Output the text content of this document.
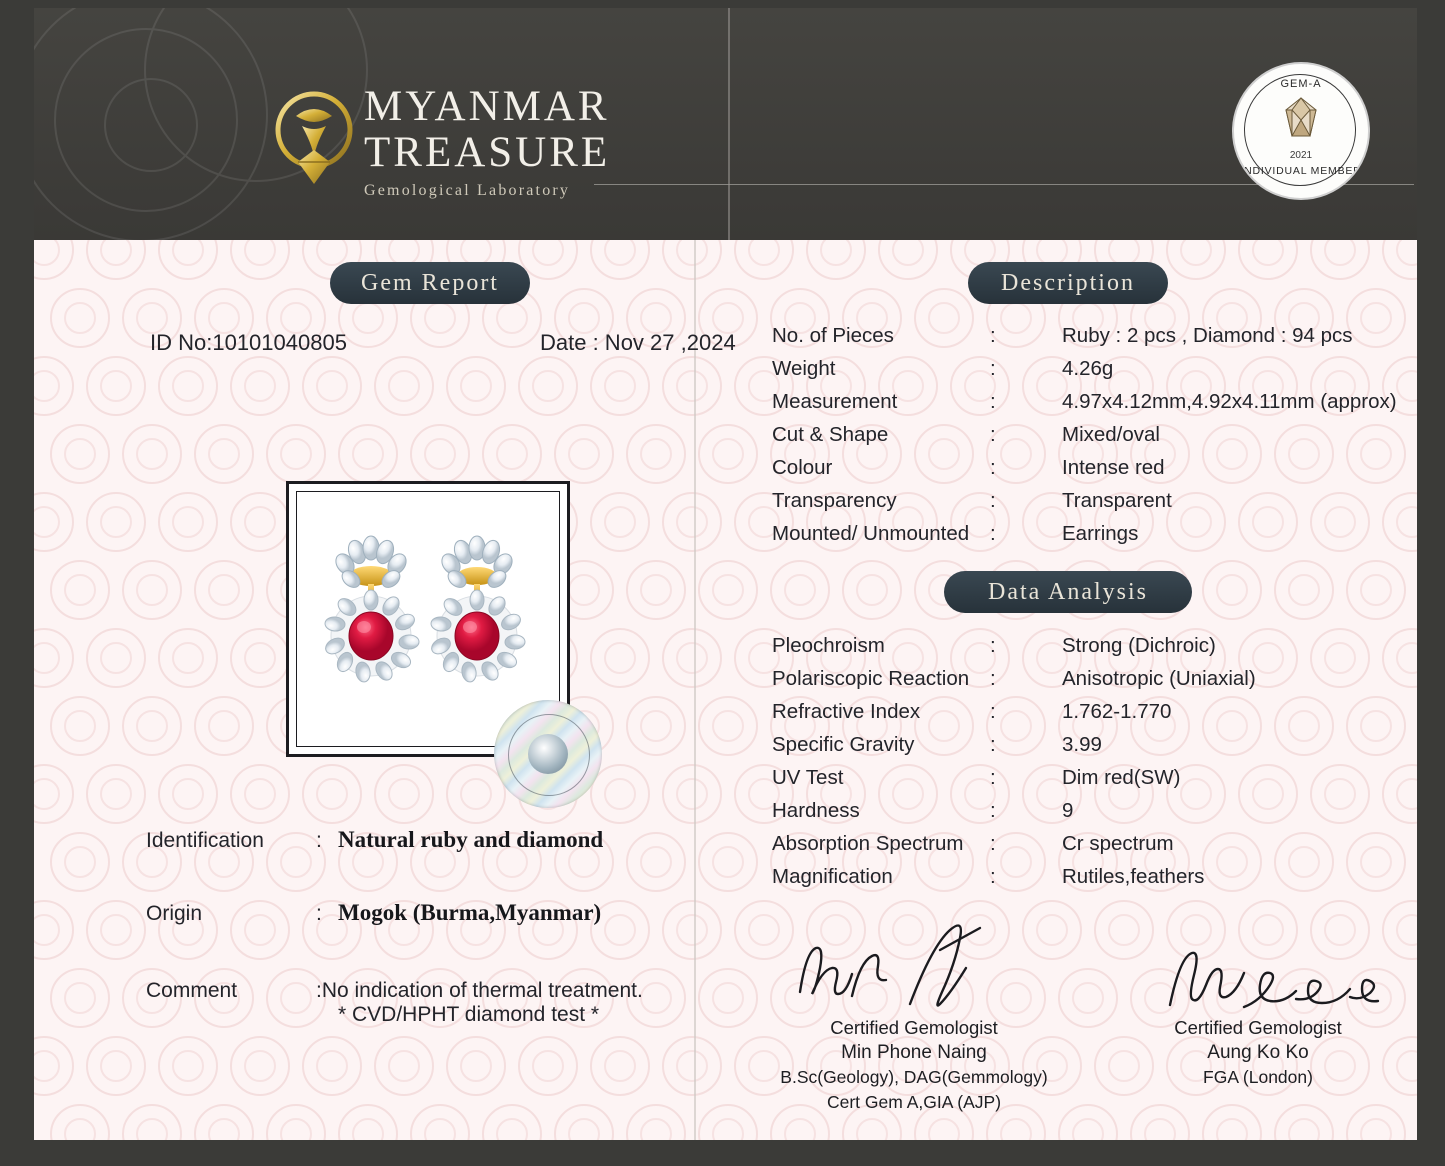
MYANMAR
TREASURE
Gemological Laboratory
GEM-A
2021
INDIVIDUAL MEMBER
Gem Report	Description
Data Analysis
ID No:10101040805	Date : Nov 27 ,2024
Identification : Natural ruby and diamond
Origin	: Mogok (Burma,Myanmar)
Comment	:No indication of thermal treatment.
* CVD/HPHT diamond test *
No. of Pieces	:	Ruby : 2 pcs , Diamond : 94 pcs
Weight	:	4.26g
Measurement	:	4.97x4.12mm,4.92x4.11mm (approx)
Cut & Shape	:	Mixed/oval
Colour	:	Intense red
Transparency	:	Transparent
Mounted/ Unmounted :	Earrings
Pleochroism	:	Strong (Dichroic)
Polariscopic Reaction :	Anisotropic (Uniaxial)
Refractive Index	:	1.762-1.770
Specific Gravity	:	3.99
UV Test	:	Dim red(SW)
Hardness	:	9
Absorption Spectrum :	Cr spectrum
Magnification	:	Rutiles,feathers
Certified Gemologist
Min Phone Naing
B.Sc(Geology), DAG(Gemmology)
Cert Gem A,GIA (AJP)
Certified Gemologist
Aung Ko Ko
FGA (London)
